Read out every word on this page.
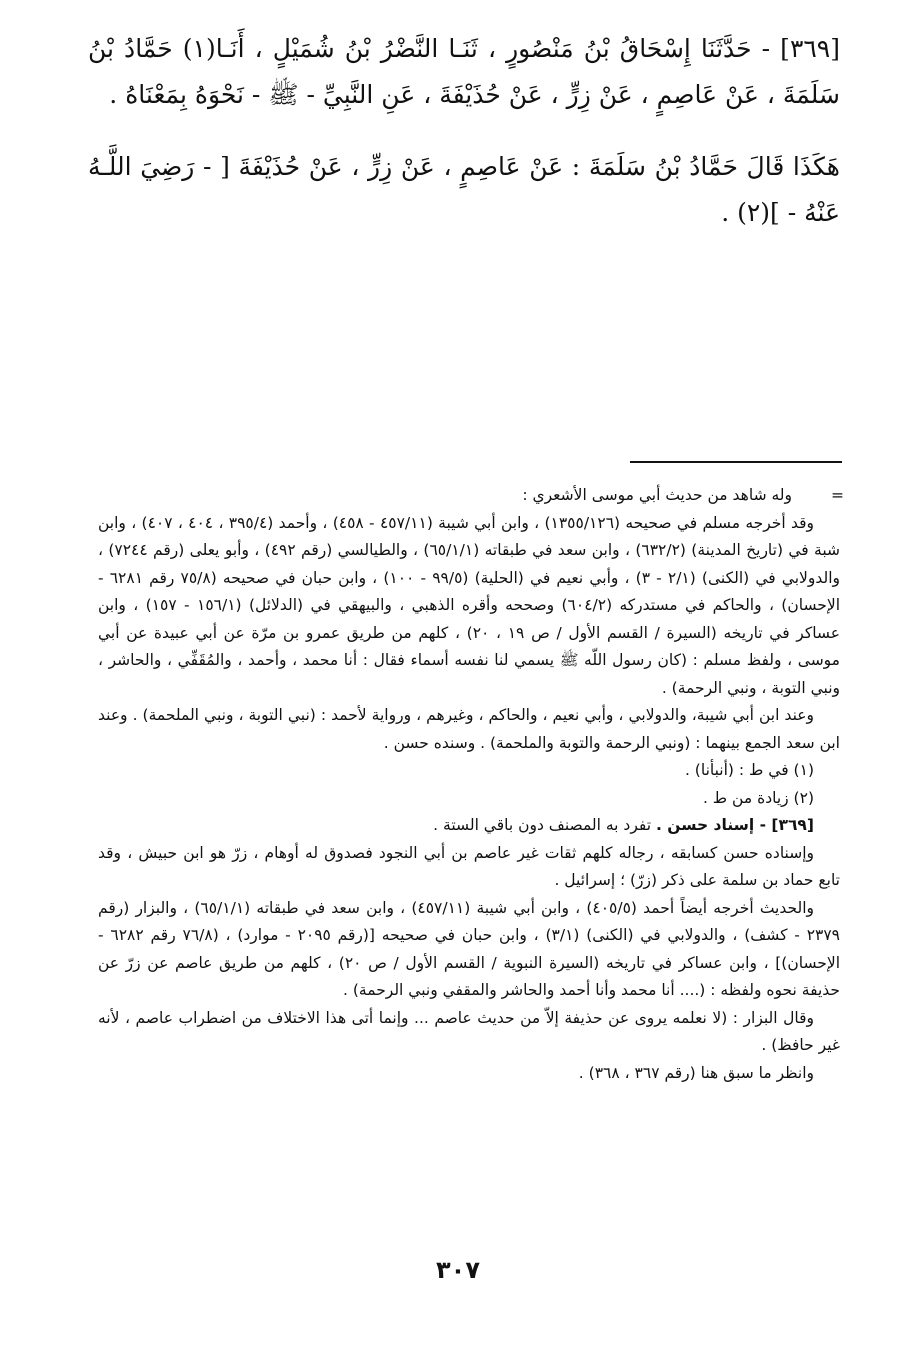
[٣٦٩] - حَدَّثَنَا إِسْحَاقُ بْنُ مَنْصُورٍ ، ثَنَـا النَّضْرُ بْنُ شُمَيْلٍ ، أَنَـا(١) حَمَّادُ بْنُ سَلَمَةَ ، عَنْ عَاصِمٍ ، عَنْ زِرٍّ ، عَنْ حُذَيْفَةَ ، عَنِ النَّبِيِّ - ﷺ - نَحْوَهُ بِمَعْنَاهُ .

هَكَذَا قَالَ حَمَّادُ بْنُ سَلَمَةَ : عَنْ عَاصِمٍ ، عَنْ زِرٍّ ، عَنْ حُذَيْفَةَ [ - رَضِيَ اللَّـهُ عَنْهُ - ](٢) .

=
وله شاهد من حديث أبي موسى الأشعري :

وقد أخرجه مسلم في صحيحه (١٣٥٥/١٢٦) ، وابن أبي شيبة (٤٥٧/١١ - ٤٥٨) ، وأحمد (٣٩٥/٤ ، ٤٠٤ ، ٤٠٧) ، وابن شبة في (تاريخ المدينة) (٦٣٢/٢) ، وابن سعد في طبقاته (٦٥/١/١) ، والطيالسي (رقم ٤٩٢) ، وأبو يعلى (رقم ٧٢٤٤) ، والدولابي في (الكنى) (٢/١ - ٣) ، وأبي نعيم في (الحلية) (٩٩/٥ - ١٠٠) ، وابن حبان في صحيحه (٧٥/٨ رقم ٦٢٨١ - الإحسان) ، والحاكم في مستدركه (٦٠٤/٢) وصححه وأقره الذهبي ، والبيهقي في (الدلائل) (١٥٦/١ - ١٥٧) ، وابن عساكر في تاريخه (السيرة / القسم الأول / ص ١٩ ، ٢٠) ، كلهم من طريق عمرو بن مرّة عن أبي عبيدة عن أبي موسى ، ولفظ مسلم : (كان رسول اللّه ﷺ يسمي لنا نفسه أسماء فقال : أنا محمد ، وأحمد ، والمُقَفِّي ، والحاشر ، ونبي التوبة ، ونبي الرحمة) .

وعند ابن أبي شيبة، والدولابي ، وأبي نعيم ، والحاكم ، وغيرهم ، ورواية لأحمد : (نبي التوبة ، ونبي الملحمة) . وعند ابن سعد الجمع بينهما : (ونبي الرحمة والتوبة والملحمة) . وسنده حسن .

(١) في ط : (أنبأنا) .

(٢) زيادة من ط .

[٣٦٩] - إسناد حسن . تفرد به المصنف دون باقي الستة .

وإسناده حسن كسابقه ، رجاله كلهم ثقات غير عاصم بن أبي النجود فصدوق له أوهام ، زرّ هو ابن حبيش ، وقد تابع حماد بن سلمة على ذكر (زرّ) ؛ إسرائيل .

والحديث أخرجه أيضاً أحمد (٤٠٥/٥) ، وابن أبي شيبة (٤٥٧/١١) ، وابن سعد في طبقاته (٦٥/١/١) ، والبزار (رقم ٢٣٧٩ - كشف) ، والدولابي في (الكنى) (٣/١) ، وابن حبان في صحيحه [(رقم ٢٠٩٥ - موارد) ، (٧٦/٨ رقم ٦٢٨٢ - الإحسان)] ، وابن عساكر في تاريخه (السيرة النبوية / القسم الأول / ص ٢٠) ، كلهم من طريق عاصم عن زرّ عن حذيفة نحوه ولفظه : (.... أنا محمد وأنا أحمد والحاشر والمقفي ونبي الرحمة) .

وقال البزار : (لا نعلمه يروى عن حذيفة إلاّ من حديث عاصم ... وإنما أتى هذا الاختلاف من اضطراب عاصم ، لأنه غير حافظ) .

وانظر ما سبق هنا (رقم ٣٦٧ ، ٣٦٨) .

٣٠٧
